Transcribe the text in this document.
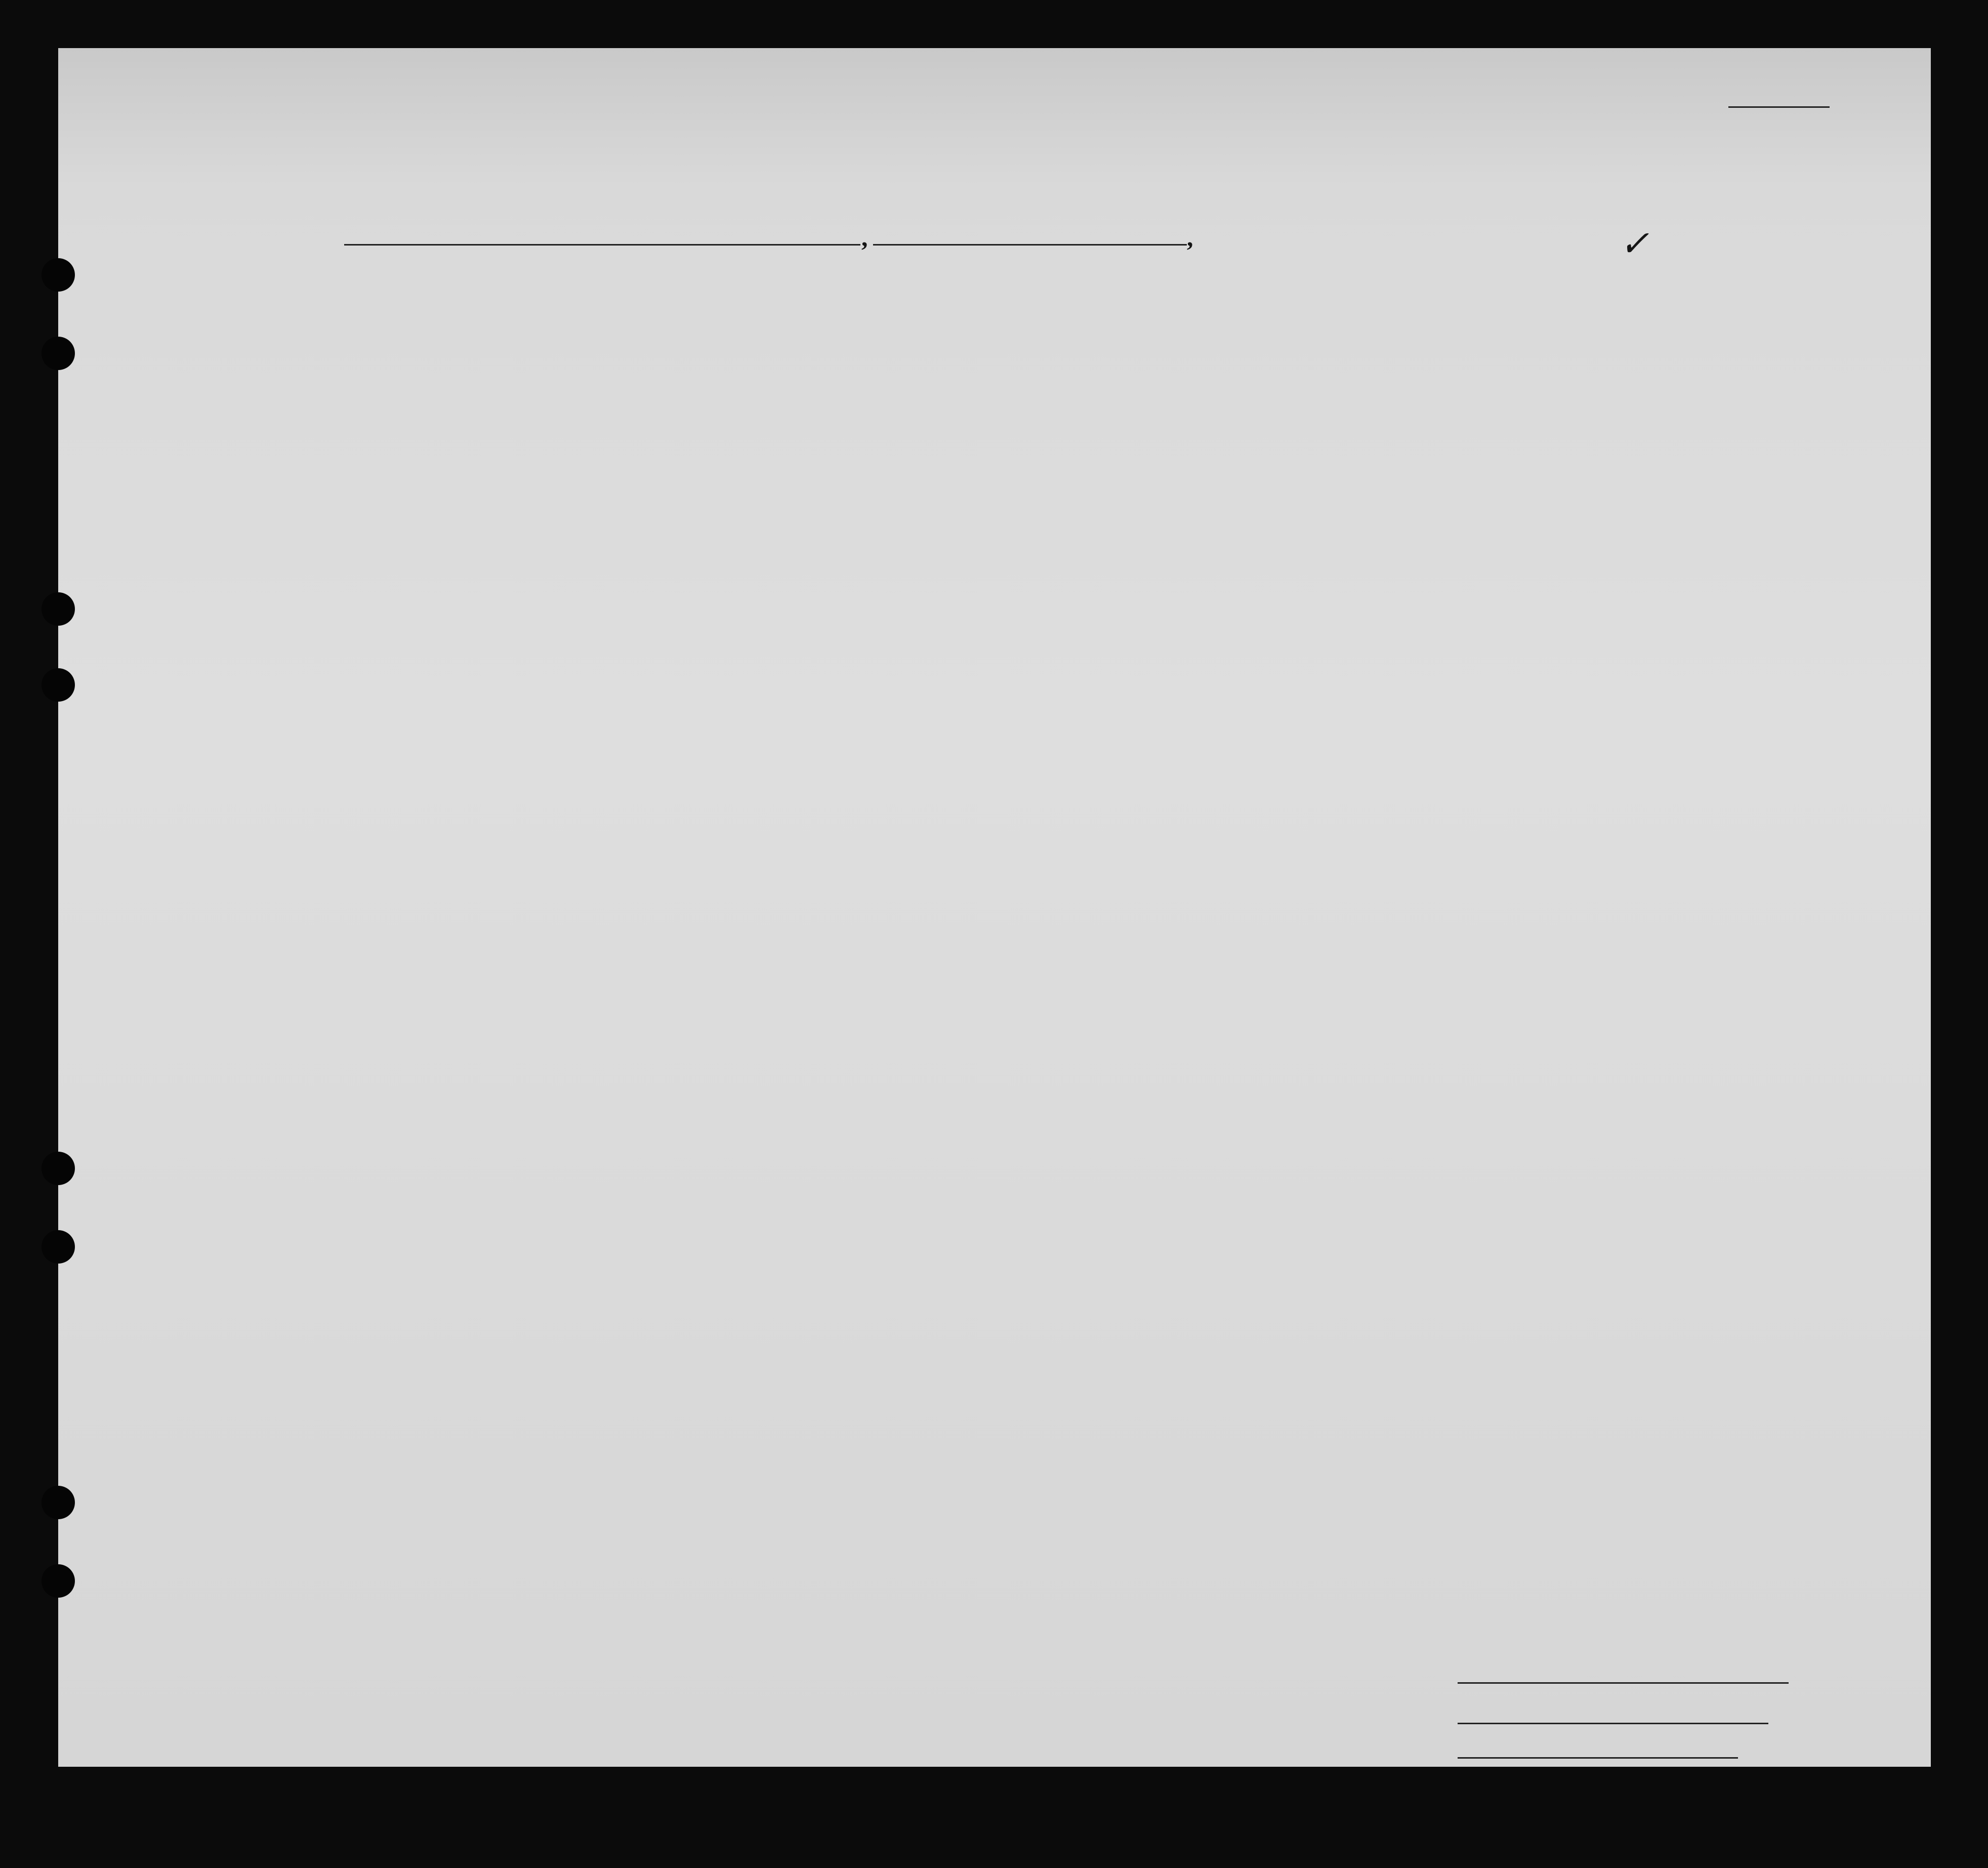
,	,	✓
